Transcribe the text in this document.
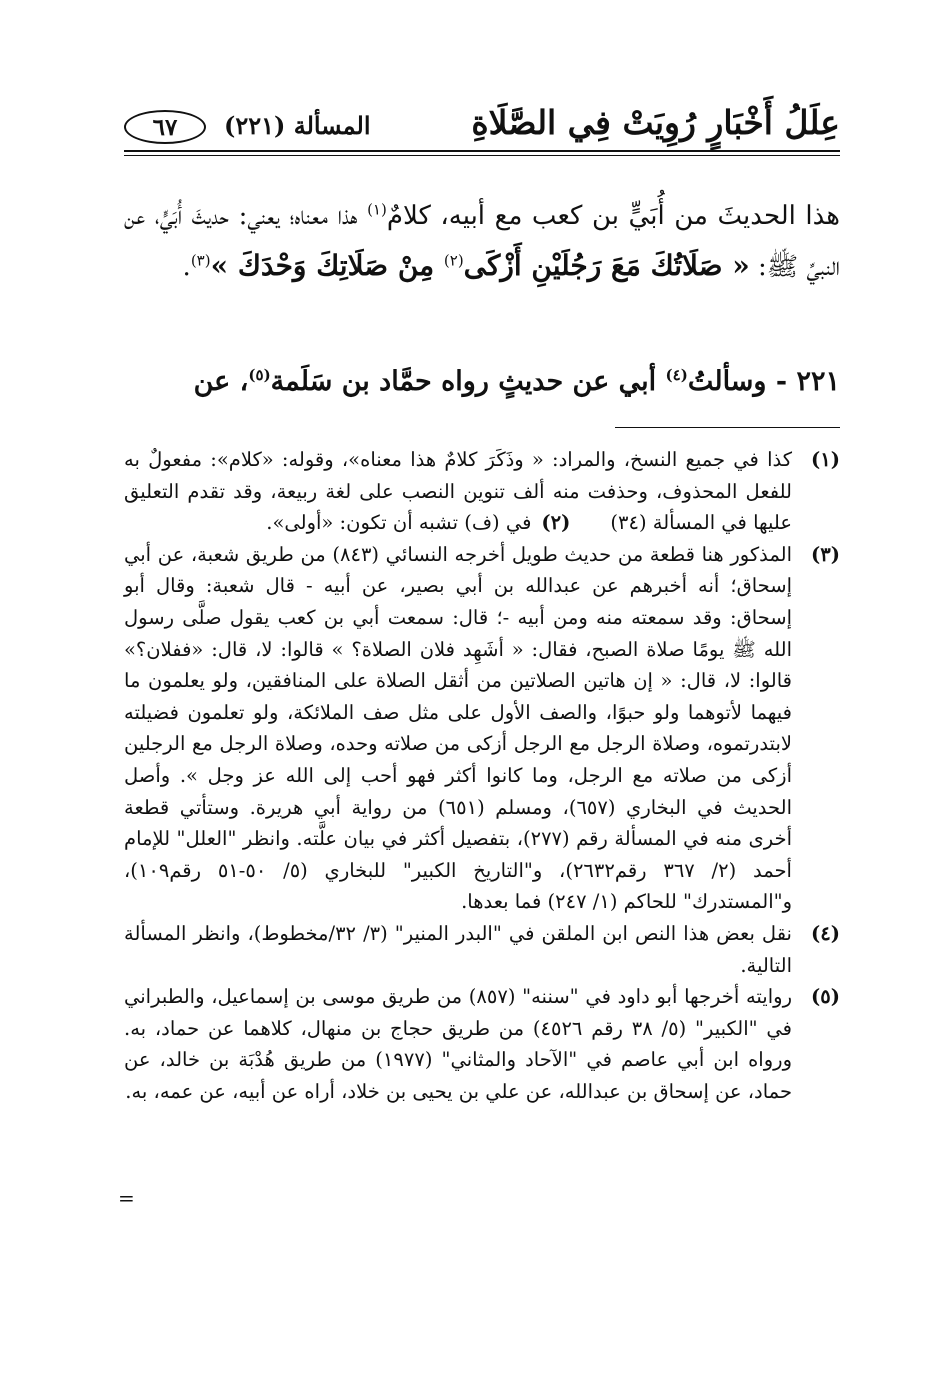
عِلَلُ أَخْبَارٍ رُوِيَتْ فِي الصَّلَاةِ
المسألة (٢٢١)
٦٧

هذا الحديثَ من أُبَيٍّ بن كعب مع أبيه، كلامٌ$^{(١)}$ هذا معناه؛ يعني: حديثَ أُبَيٍّ، عن النبيِّ ﷺ: « صَلَاتُكَ مَعَ رَجُلَيْنِ أَزْكَى$^{(٢)}$ مِنْ صَلَاتِكَ وَحْدَكَ »$^{(٣)}$.

٢٢١ - وسألتُ$^{(٤)}$ أبي عن حديثٍ رواه حمَّاد بن سَلَمة$^{(٥)}$، عن
(١)
كذا في جميع النسخ، والمراد: « وذَكَرَ كلامٌ هذا معناه»، وقوله: «كلام»: مفعولٌ به للفعل المحذوف، وحذفت منه ألف تنوين النصب على لغة ربيعة، وقد تقدم التعليق عليها في المسألة (٣٤)(٢)في (ف) تشبه أن تكون: «أولى».
(٣)
المذكور هنا قطعة من حديث طويل أخرجه النسائي (٨٤٣) من طريق شعبة، عن أبي إسحاق؛ أنه أخبرهم عن عبدالله بن أبي بصير، عن أبيه - قال شعبة: وقال أبو إسحاق: وقد سمعته منه ومن أبيه -؛ قال: سمعت أبي بن كعب يقول صلَّى رسول الله ﷺ يومًا صلاة الصبح، فقال: « أشَهِد فلان الصلاة؟ » قالوا: لا، قال: «ففلان؟» قالوا: لا، قال: « إن هاتين الصلاتين من أثقل الصلاة على المنافقين، ولو يعلمون ما فيهما لأتوهما ولو حبوًا، والصف الأول على مثل صف الملائكة، ولو تعلمون فضيلته لابتدرتموه، وصلاة الرجل مع الرجل أزكى من صلاته وحده، وصلاة الرجل مع الرجلين أزكى من صلاته مع الرجل، وما كانوا أكثر فهو أحب إلى الله عز وجل ». وأصل الحديث في البخاري (٦٥٧)، ومسلم (٦٥١) من رواية أبي هريرة. وستأتي قطعة أخرى منه في المسألة رقم (٢٧٧)، بتفصيل أكثر في بيان علَّته. وانظر "العلل" للإمام أحمد (٢/ ٣٦٧ رقم٢٦٣٢)، و"التاريخ الكبير" للبخاري (٥/ ٥٠-٥١ رقم١٠٩)، و"المستدرك" للحاكم (١/ ٢٤٧) فما بعدها.
(٤)
نقل بعض هذا النص ابن الملقن في "البدر المنير" (٣/ ٣٢/مخطوط)، وانظر المسألة التالية.
(٥)
روايته أخرجها أبو داود في "سننه" (٨٥٧) من طريق موسى بن إسماعيل، والطبراني في "الكبير" (٥/ ٣٨ رقم ٤٥٢٦) من طريق حجاج بن منهال، كلاهما عن حماد، به. ورواه ابن أبي عاصم في "الآحاد والمثاني" (١٩٧٧) من طريق هُدْبَة بن خالد، عن حماد، عن إسحاق بن عبدالله، عن علي بن يحيى بن خلاد، أراه عن أبيه، عن عمه، به.
=
